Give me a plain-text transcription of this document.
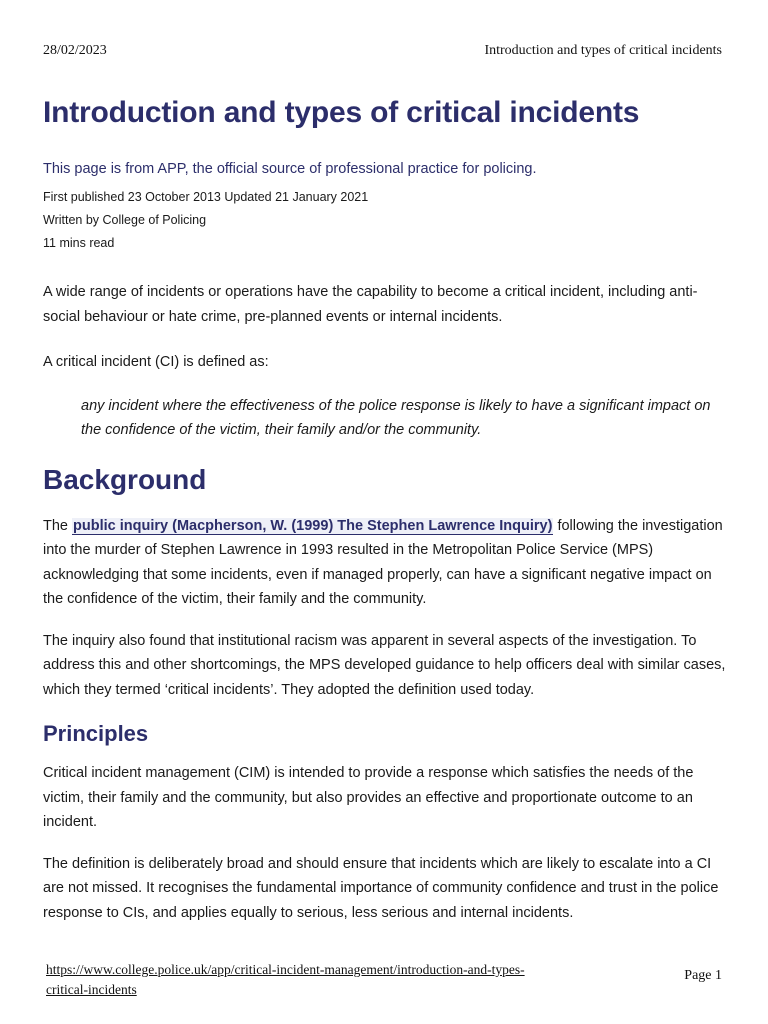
28/02/2023	Introduction and types of critical incidents
Introduction and types of critical incidents
This page is from APP, the official source of professional practice for policing.
First published 23 October 2013 Updated 21 January 2021
Written by College of Policing
11 mins read

A wide range of incidents or operations have the capability to become a critical incident, including anti-social behaviour or hate crime, pre-planned events or internal incidents.

A critical incident (CI) is defined as:

any incident where the effectiveness of the police response is likely to have a significant impact on the confidence of the victim, their family and/or the community.
Background

The public inquiry (Macpherson, W. (1999) The Stephen Lawrence Inquiry) following the investigation into the murder of Stephen Lawrence in 1993 resulted in the Metropolitan Police Service (MPS) acknowledging that some incidents, even if managed properly, can have a significant negative impact on the confidence of the victim, their family and the community.

The inquiry also found that institutional racism was apparent in several aspects of the investigation. To address this and other shortcomings, the MPS developed guidance to help officers deal with similar cases, which they termed ‘critical incidents’. They adopted the definition used today.

Principles

Critical incident management (CIM) is intended to provide a response which satisfies the needs of the victim, their family and the community, but also provides an effective and proportionate outcome to an incident.

The definition is deliberately broad and should ensure that incidents which are likely to escalate into a CI are not missed. It recognises the fundamental importance of community confidence and trust in the police response to CIs, and applies equally to serious, less serious and internal incidents.

https://www.college.police.uk/app/critical-incident-management/introduction-and-types-critical-incidents
Page 1
